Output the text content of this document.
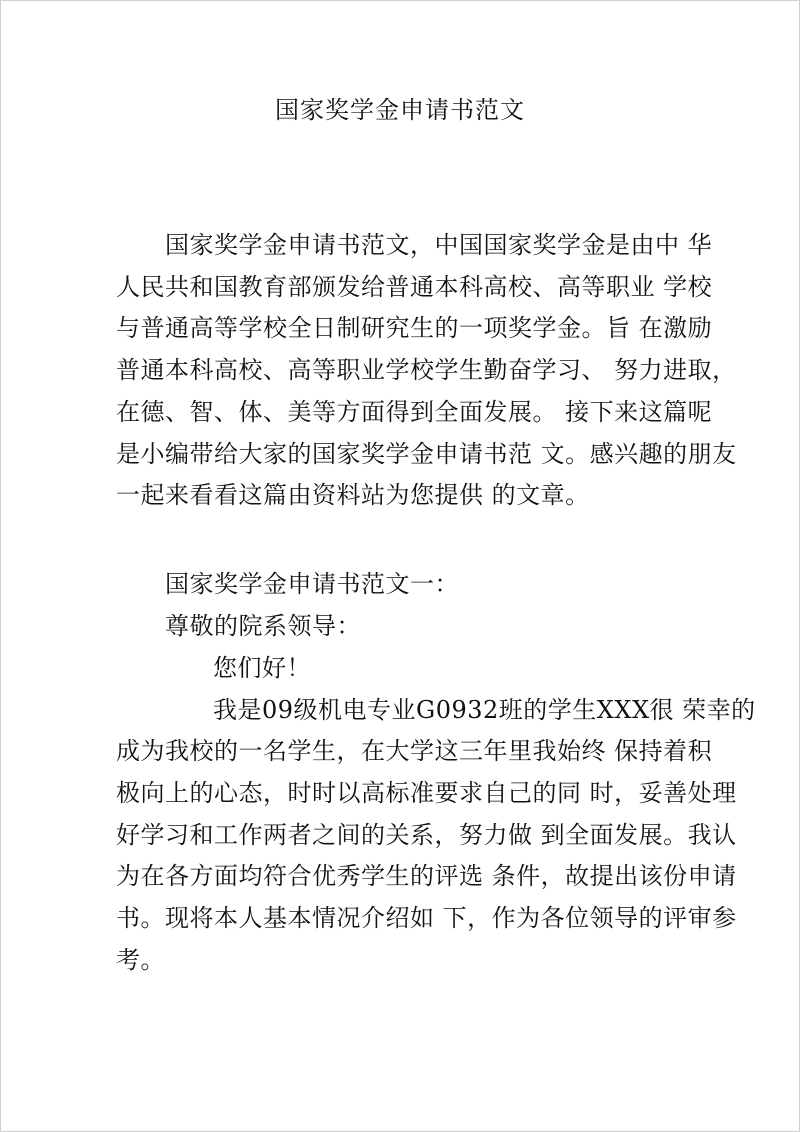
国家奖学金申请书范文
国家奖学金申请书范文，中国国家奖学金是由中 华
人民共和国教育部颁发给普通本科高校、高等职业 学校
与普通高等学校全日制研究生的一项奖学金。旨 在激励
普通本科高校、高等职业学校学生勤奋学习、 努力进取，
在德、智、体、美等方面得到全面发展。 接下来这篇呢
是小编带给大家的国家奖学金申请书范 文。感兴趣的朋友
一起来看看这篇由资料站为您提供 的文章。
国家奖学金申请书范文一：
尊敬的院系领导：
您们好！
我是09级机电专业G0932班的学生XXX很 荣幸的
成为我校的一名学生，在大学这三年里我始终 保持着积
极向上的心态，时时以高标准要求自己的同 时，妥善处理
好学习和工作两者之间的关系，努力做 到全面发展。我认
为在各方面均符合优秀学生的评选 条件，故提出该份申请
书。现将本人基本情况介绍如 下，作为各位领导的评审参
考。
